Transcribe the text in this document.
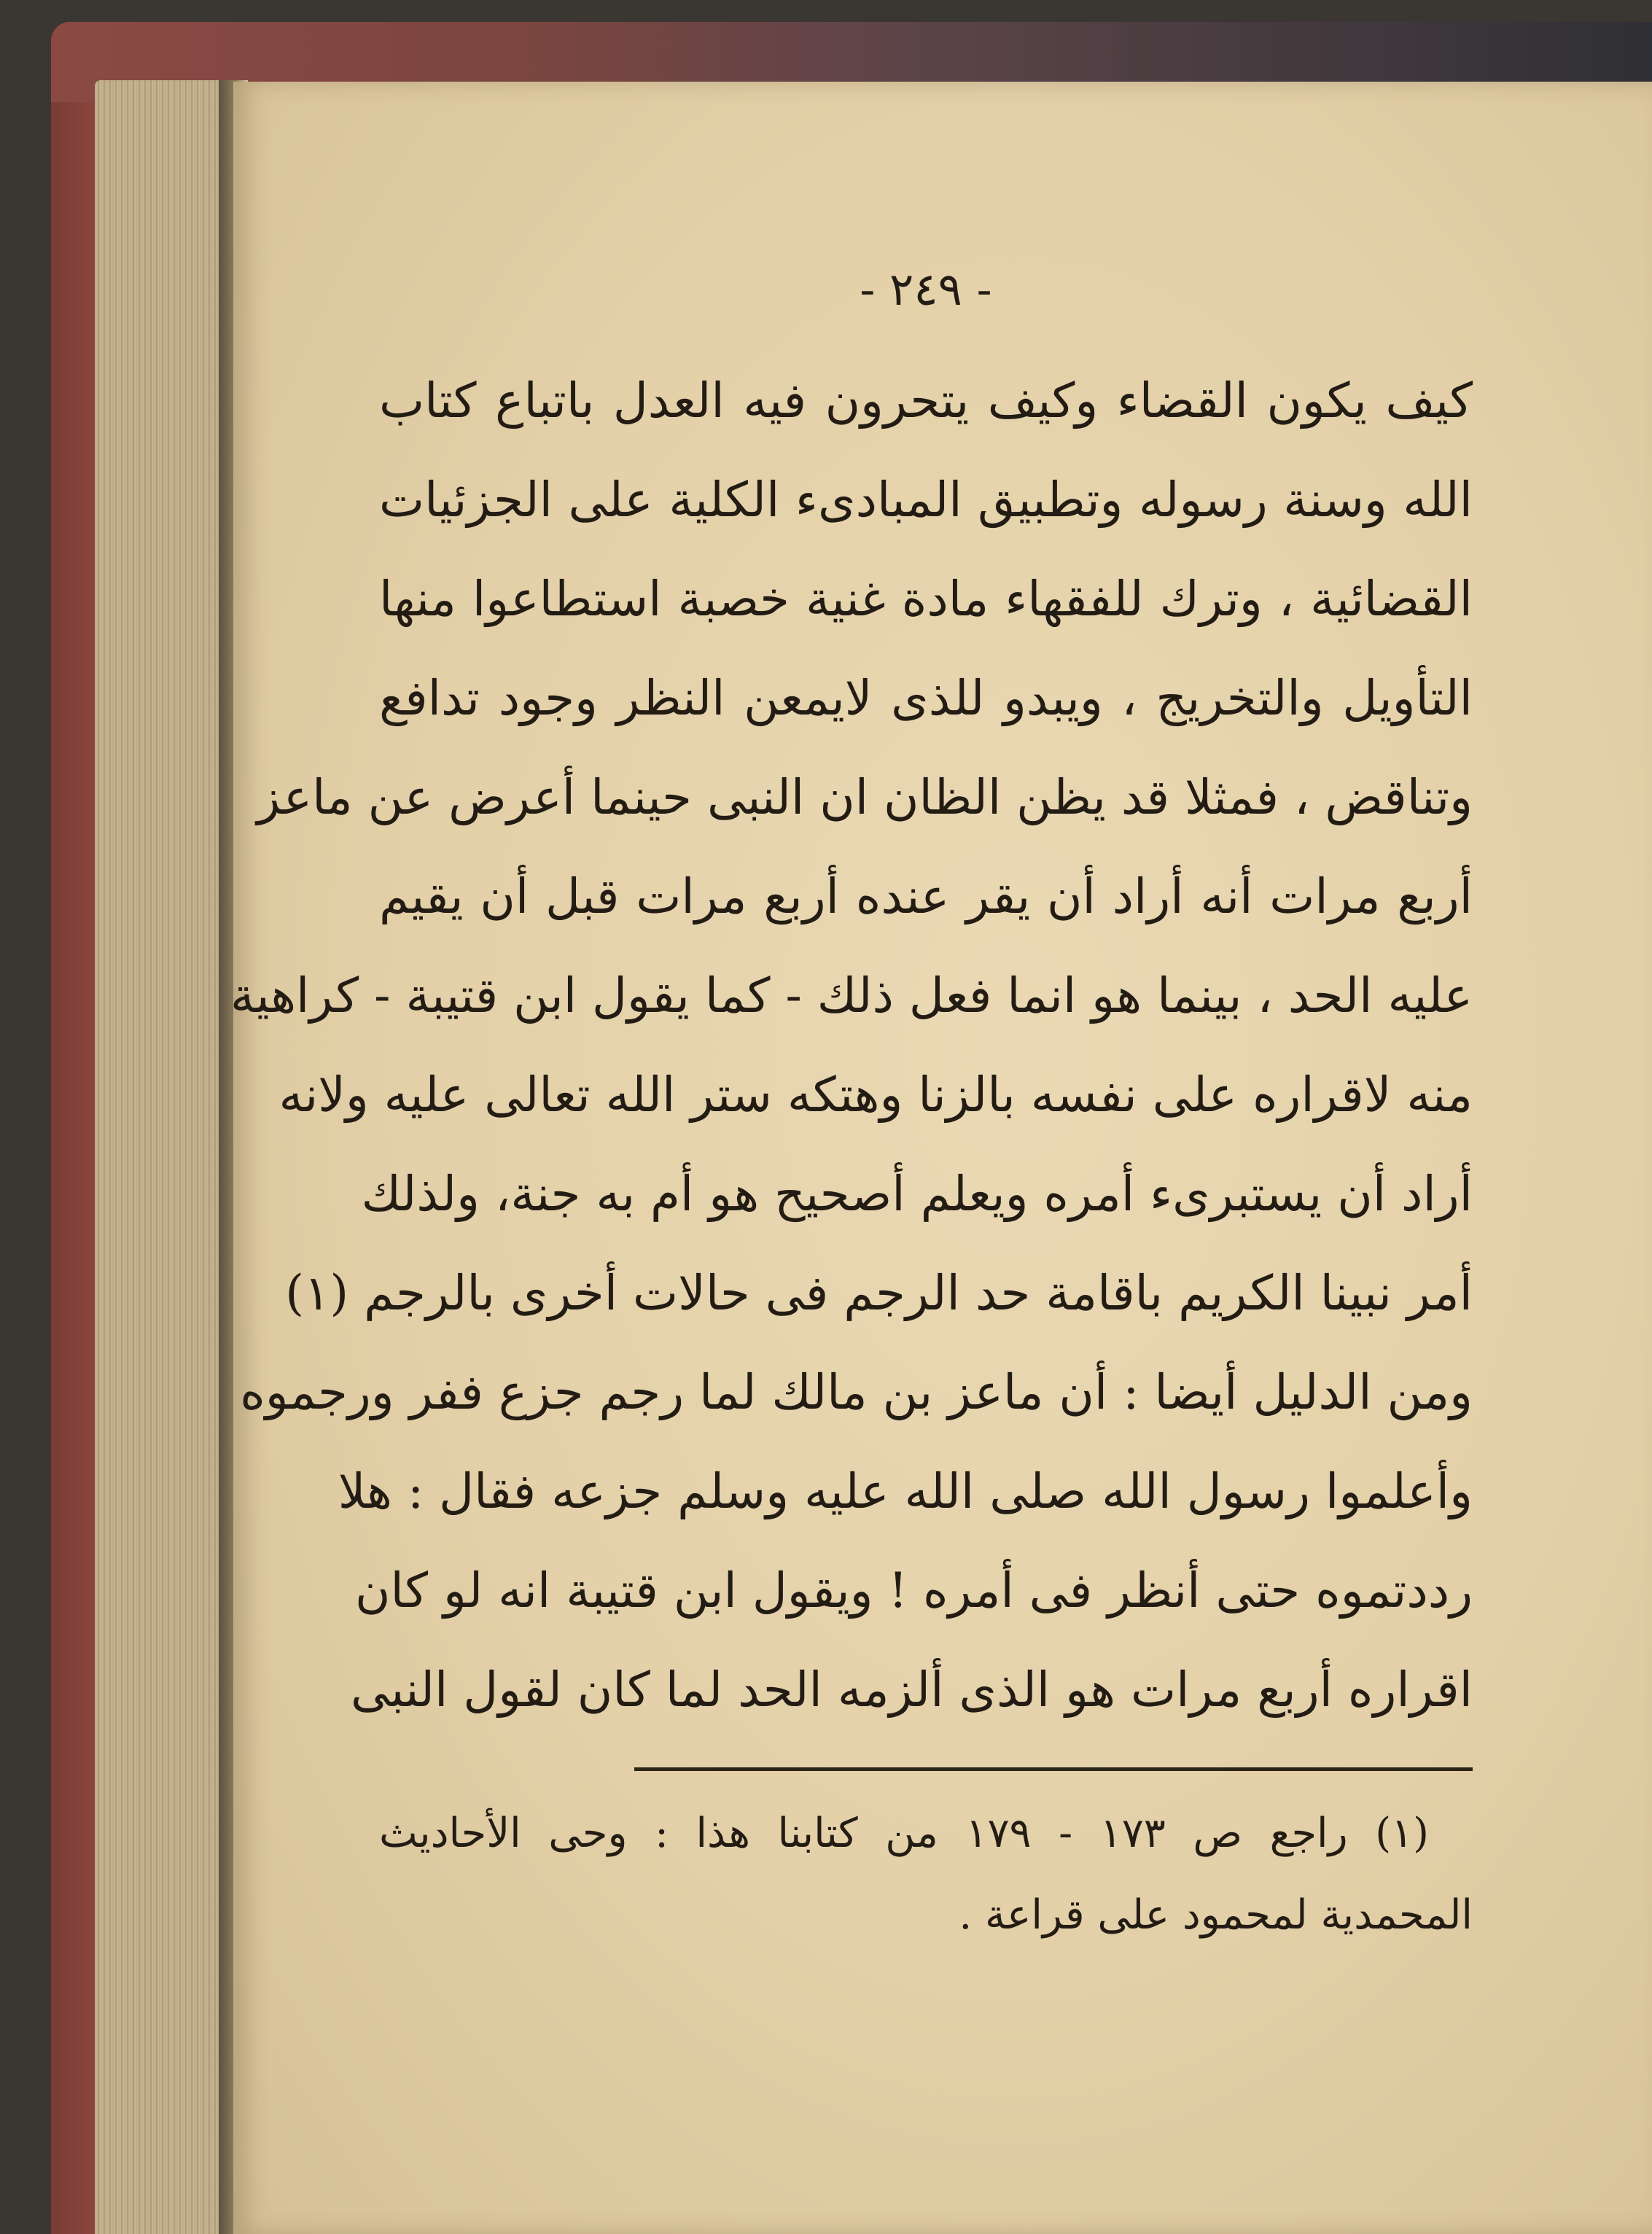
- ٢٤٩ -
كيف يكون القضاء وكيف يتحرون فيه العدل باتباع كتاب
الله وسنة رسوله وتطبيق المبادىء الكلية على الجزئيات
القضائية ، وترك للفقهاء مادة غنية خصبة استطاعوا منها
التأويل والتخريج ، ويبدو للذى لايمعن النظر وجود تدافع
وتناقض ، فمثلا قد يظن الظان ان النبى حينما أعرض عن ماعز
أربع مرات أنه أراد أن يقر عنده أربع مرات قبل أن يقيم
عليه الحد ، بينما هو انما فعل ذلك - كما يقول ابن قتيبة - كراهية
منه لاقراره على نفسه بالزنا وهتكه ستر الله تعالى عليه ولانه
أراد أن يستبرىء أمره ويعلم أصحيح هو أم به جنة، ولذلك
أمر نبينا الكريم باقامة حد الرجم فى حالات أخرى بالرجم (١)
ومن الدليل أيضا : أن ماعز بن مالك لما رجم جزع ففر ورجموه
وأعلموا رسول الله صلى الله عليه وسلم جزعه فقال : هلا
رددتموه حتى أنظر فى أمره ! ويقول ابن قتيبة انه لو كان
اقراره أربع مرات هو الذى ألزمه الحد لما كان لقول النبى
(١) راجع ص ١٧٣ - ١٧٩ من كتابنا هذا : وحى الأحاديث
المحمدية لمحمود على قراعة .
